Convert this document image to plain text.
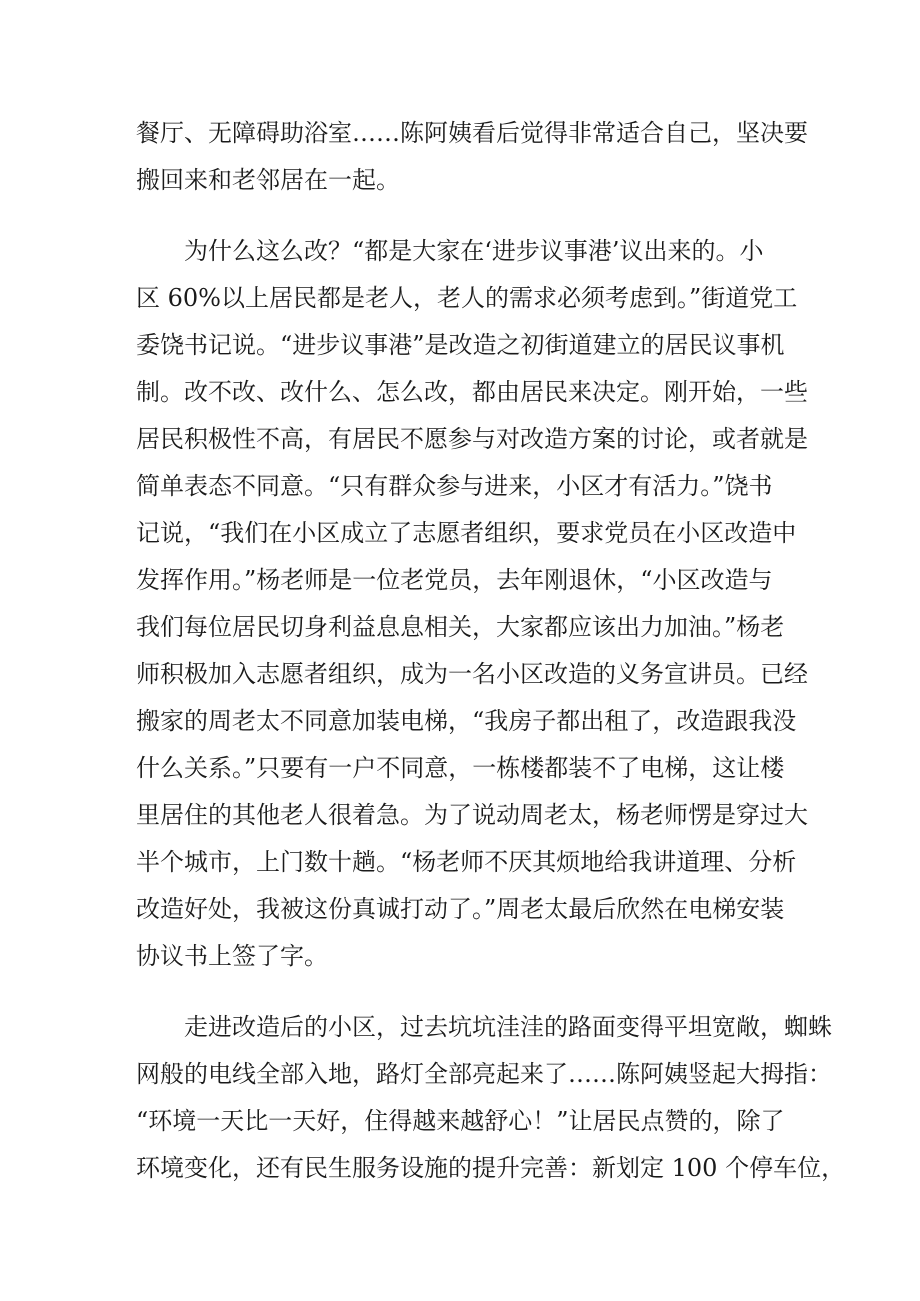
餐厅、无障碍助浴室……陈阿姨看后觉得非常适合自己，坚决要
搬回来和老邻居在一起。
为什么这么改？“都是大家在‘进步议事港’议出来的。小
区 60%以上居民都是老人，老人的需求必须考虑到。”街道党工
委饶书记说。“进步议事港”是改造之初街道建立的居民议事机
制。改不改、改什么、怎么改，都由居民来决定。刚开始，一些
居民积极性不高，有居民不愿参与对改造方案的讨论，或者就是
简单表态不同意。“只有群众参与进来，小区才有活力。”饶书
记说，“我们在小区成立了志愿者组织，要求党员在小区改造中
发挥作用。”杨老师是一位老党员，去年刚退休，“小区改造与
我们每位居民切身利益息息相关，大家都应该出力加油。”杨老
师积极加入志愿者组织，成为一名小区改造的义务宣讲员。已经
搬家的周老太不同意加装电梯，“我房子都出租了，改造跟我没
什么关系。”只要有一户不同意，一栋楼都装不了电梯，这让楼
里居住的其他老人很着急。为了说动周老太，杨老师愣是穿过大
半个城市，上门数十趟。“杨老师不厌其烦地给我讲道理、分析
改造好处，我被这份真诚打动了。”周老太最后欣然在电梯安装
协议书上签了字。
走进改造后的小区，过去坑坑洼洼的路面变得平坦宽敞，蜘蛛
网般的电线全部入地，路灯全部亮起来了……陈阿姨竖起大拇指：
“环境一天比一天好，住得越来越舒心！”让居民点赞的，除了
环境变化，还有民生服务设施的提升完善：新划定 100 个停车位，
